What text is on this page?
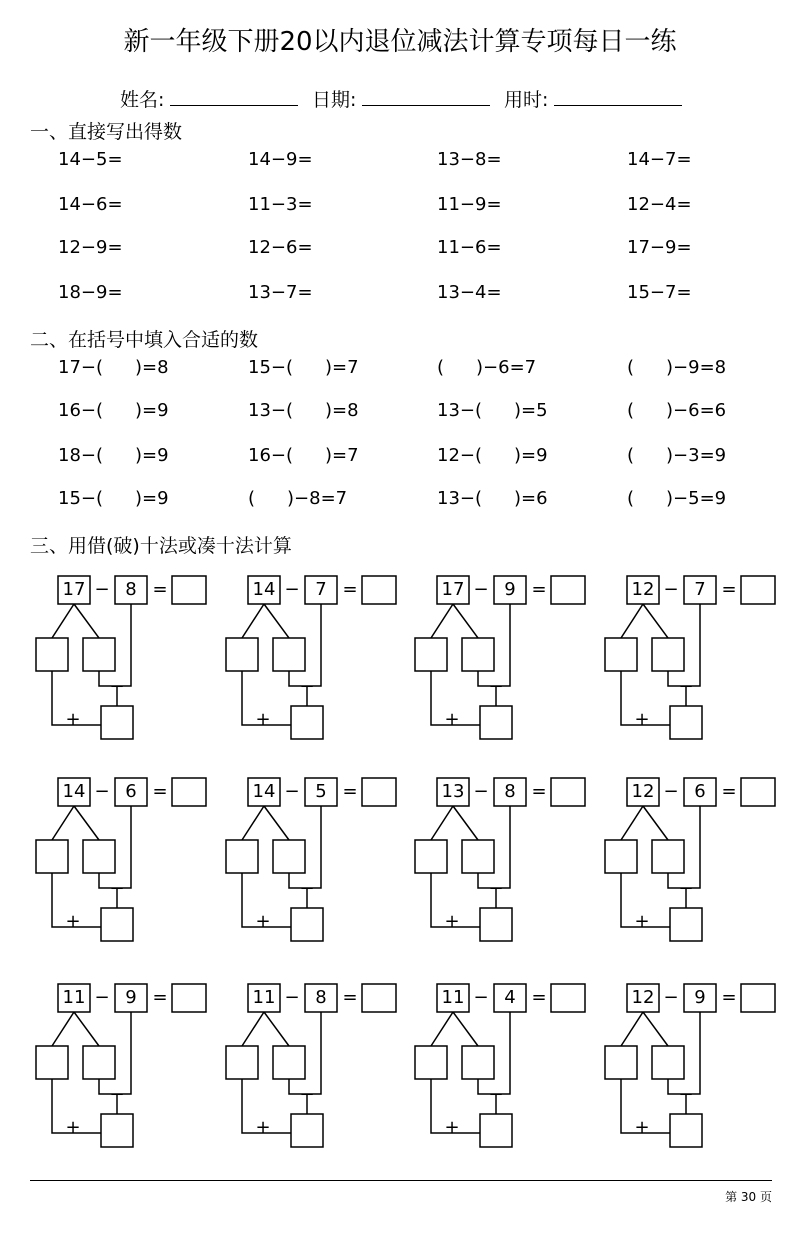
新一年级下册20以内退位减法计算专项每日一练
姓名:	日期:	用时:
一、直接写出得数
14−5=	14−9=	13−8=	14−7=
14−6=	11−3=	11−9=	12−4=
12−9=	12−6=	11−6=	17−9=
18−9=	13−7=	13−4=	15−7=
二、在括号中填入合适的数
17−( )=8	15−( )=7	( )−6=7	( )−9=8
16−( )=9	13−( )=8	13−( )=5	( )−6=6
18−( )=9	16−( )=7	12−( )=9	( )−3=9
15−( )=9	( )−8=7	13−( )=6	( )−5=9
三、用借(破)十法或凑十法计算
17	8
− =
−
+
14	7
− =
−
+
17	9
− =
−
+
12	7
− =
−
+
14	6
− =
−
+
14	5
− =
−
+
13	8
− =
−
+
12	6
− =
−
+
11	9
− =
−
+
11	8
− =
−
+
11	4
− =
−
+
12	9
− =
−
+
第 30 页
